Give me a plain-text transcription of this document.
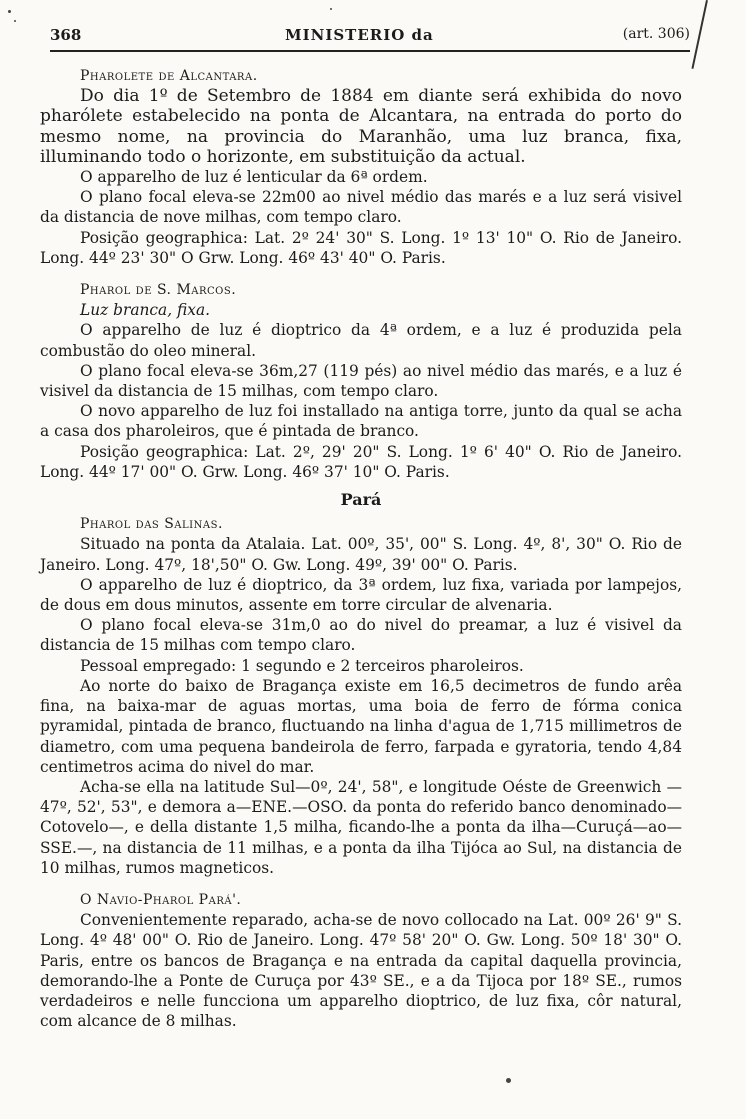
368	MINISTERIO da	(art. 306)

Pharolete de Alcantara.

Do dia 1º de Setembro de 1884 em diante será exhibida do novo pharólete estabelecido na ponta de Alcantara, na entrada do porto do mesmo nome, na provincia do Maranhão, uma luz branca, fixa, illuminando todo o horizonte, em substituição da actual.

O apparelho de luz é lenticular da 6ª ordem.

O plano focal eleva-se 22m00 ao nivel médio das marés e a luz será visivel da distancia de nove milhas, com tempo claro.

Posição geographica: Lat. 2º 24' 30" S. Long. 1º 13' 10" O. Rio de Janeiro. Long. 44º 23' 30" O Grw. Long. 46º 43' 40" O. Paris.

Pharol de S. Marcos.

Luz branca, fixa.

O apparelho de luz é dioptrico da 4ª ordem, e a luz é produzida pela combustão do oleo mineral.

O plano focal eleva-se 36m,27 (119 pés) ao nivel médio das marés, e a luz é visivel da distancia de 15 milhas, com tempo claro.

O novo apparelho de luz foi installado na antiga torre, junto da qual se acha a casa dos pharoleiros, que é pintada de branco.

Posição geographica: Lat. 2º, 29' 20" S. Long. 1º 6' 40" O. Rio de Janeiro. Long. 44º 17' 00" O. Grw. Long. 46º 37' 10" O. Paris.

Pará

Pharol das Salinas.

Situado na ponta da Atalaia. Lat. 00º, 35', 00" S. Long. 4º, 8', 30" O. Rio de Janeiro. Long. 47º, 18',50" O. Gw. Long. 49º, 39' 00" O. Paris.

O apparelho de luz é dioptrico, da 3ª ordem, luz fixa, variada por lampejos, de dous em dous minutos, assente em torre circular de alvenaria.

O plano focal eleva-se 31m,0 ao do nivel do preamar, a luz é visivel da distancia de 15 milhas com tempo claro.

Pessoal empregado: 1 segundo e 2 terceiros pharoleiros.

Ao norte do baixo de Bragança existe em 16,5 decimetros de fundo arêa fina, na baixa-mar de aguas mortas, uma boia de ferro de fórma conica pyramidal, pintada de branco, fluctuando na linha d'agua de 1,715 millimetros de diametro, com uma pequena bandeirola de ferro, farpada e gyratoria, tendo 4,84 centimetros acima do nivel do mar.

Acha-se ella na latitude Sul—0º, 24', 58", e longitude Oéste de Greenwich —47º, 52', 53", e demora a—ENE.—OSO. da ponta do referido banco denominado—Cotovelo—, e della distante 1,5 milha, ficando-lhe a ponta da ilha—Curuçá—ao—SSE.—, na distancia de 11 milhas, e a ponta da ilha Tijóca ao Sul, na distancia de 10 milhas, rumos magneticos.

O Navio-Pharol Pará'.

Convenientemente reparado, acha-se de novo collocado na Lat. 00º 26' 9" S. Long. 4º 48' 00" O. Rio de Janeiro. Long. 47º 58' 20" O. Gw. Long. 50º 18' 30" O. Paris, entre os bancos de Bragança e na entrada da capital daquella provincia, demorando-lhe a Ponte de Curuça por 43º SE., e a da Tijoca por 18º SE., rumos verdadeiros e nelle funcciona um apparelho dioptrico, de luz fixa, côr natural, com alcance de 8 milhas.
